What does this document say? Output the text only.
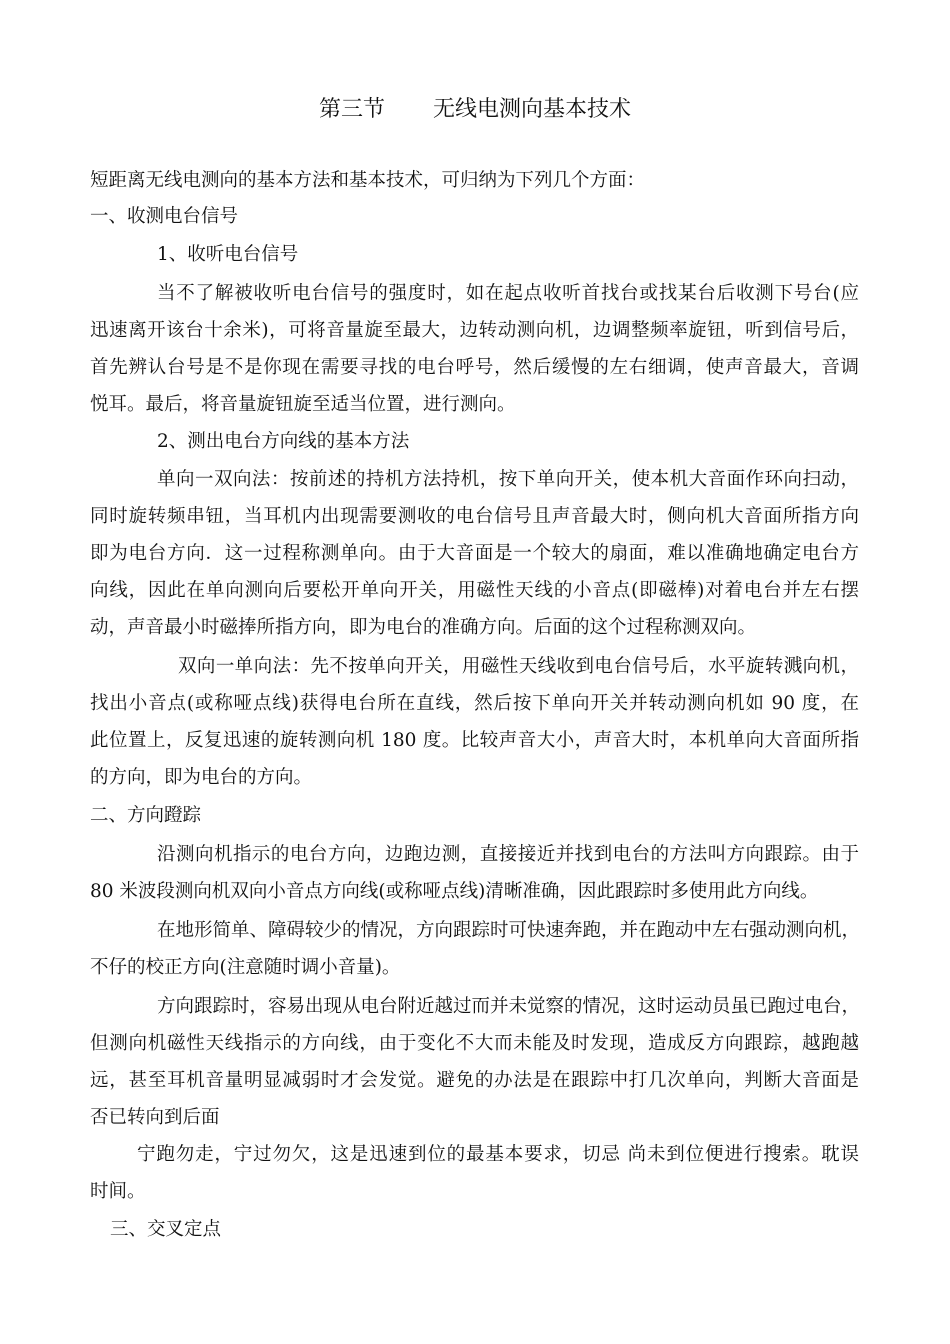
第三节 无线电测向基本技术
短距离无线电测向的基本方法和基本技术，可归纳为下列几个方面：
一、收测电台信号
1、收听电台信号
当不了解被收听电台信号的强度时，如在起点收听首找台或找某台后收测下号台(应
迅速离开该台十余米)，可将音量旋至最大，边转动测向机，边调整频率旋钮，听到信号后，
首先辨认台号是不是你现在需要寻找的电台呼号，然后缓慢的左右细调，使声音最大，音调
悦耳。最后，将音量旋钮旋至适当位置，进行测向。
2、测出电台方向线的基本方法
单向一双向法：按前述的持机方法持机，按下单向开关，使本机大音面作环向扫动，
同时旋转频串钮，当耳机内出现需要测收的电台信号且声音最大时，侧向机大音面所指方向
即为电台方向．这一过程称测单向。由于大音面是一个较大的扇面，难以准确地确定电台方
向线，因此在单向测向后要松开单向开关，用磁性天线的小音点(即磁棒)对着电台并左右摆
动，声音最小时磁捧所指方向，即为电台的准确方向。后面的这个过程称测双向。
双向一单向法：先不按单向开关，用磁性天线收到电台信号后，水平旋转溅向机，
找出小音点(或称哑点线)获得电台所在直线，然后按下单向开关并转动测向机如 90 度，在
此位置上，反复迅速的旋转测向机 180 度。比较声音大小，声音大时，本机单向大音面所指
的方向，即为电台的方向。
二、方向蹬踪
沿测向机指示的电台方向，边跑边测，直接接近并找到电台的方法叫方向跟踪。由于
80 米波段测向机双向小音点方向线(或称哑点线)清晰准确，因此跟踪时多使用此方向线。
在地形简单、障碍较少的情况，方向跟踪时可快速奔跑，并在跑动中左右强动测向机，
不仔的校正方向(注意随时调小音量)。
方向跟踪时，容易出现从电台附近越过而并未觉察的情况，这时运动员虽已跑过电台，
但测向机磁性天线指示的方向线，由于变化不大而未能及时发现，造成反方向跟踪，越跑越
远，甚至耳机音量明显减弱时才会发觉。避免的办法是在跟踪中打几次单向，判断大音面是
否已转向到后面
宁跑勿走，宁过勿欠，这是迅速到位的最基本要求，切忌 尚未到位便进行搜索。耽误
时间。
三、交叉定点
